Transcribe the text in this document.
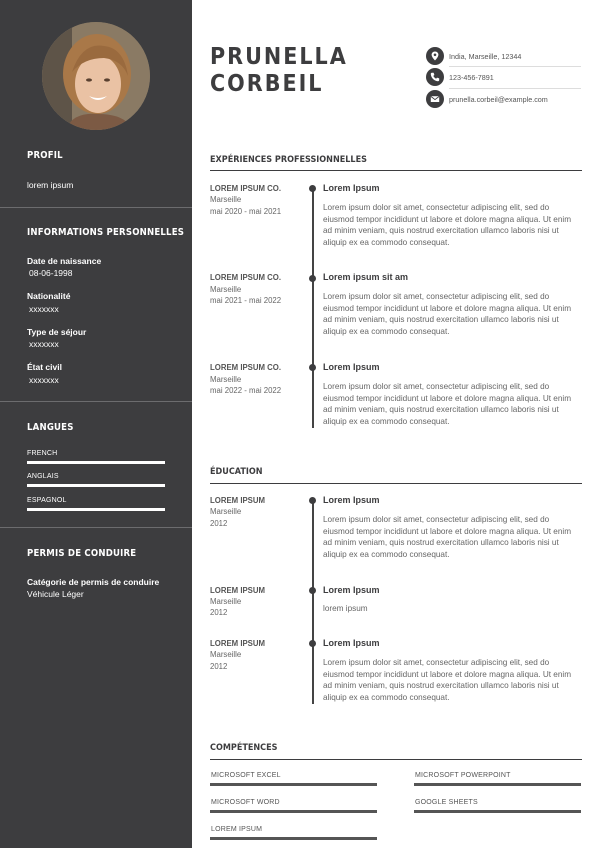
PROFIL
lorem ipsum
INFORMATIONS PERSONNELLES
Date de naissance
08-06-1998
Nationalité
xxxxxxx
Type de séjour
xxxxxxx
État civil
xxxxxxx
LANGUES
FRENCH
ANGLAIS
ESPAGNOL
PERMIS DE CONDUIRE
Catégorie de permis de conduire
Véhicule Léger
PRUNELLA
CORBEIL
India, Marseille, 12344
123-456-7891
prunella.corbeil@example.com
EXPÉRIENCES PROFESSIONNELLES
LOREM IPSUM CO.
Marseille
mai 2020 - mai 2021
Lorem Ipsum
Lorem ipsum dolor sit amet, consectetur adipiscing elit, sed do eiusmod tempor incididunt ut labore et dolore magna aliqua. Ut enim ad minim veniam, quis nostrud exercitation ullamco laboris nisi ut aliquip ex ea commodo consequat.
LOREM IPSUM CO.
Marseille
mai 2021 - mai 2022
Lorem ipsum sit am
Lorem ipsum dolor sit amet, consectetur adipiscing elit, sed do eiusmod tempor incididunt ut labore et dolore magna aliqua. Ut enim ad minim veniam, quis nostrud exercitation ullamco laboris nisi ut aliquip ex ea commodo consequat.
LOREM IPSUM CO.
Marseille
mai 2022 - mai 2022
Lorem Ipsum
Lorem ipsum dolor sit amet, consectetur adipiscing elit, sed do eiusmod tempor incididunt ut labore et dolore magna aliqua. Ut enim ad minim veniam, quis nostrud exercitation ullamco laboris nisi ut aliquip ex ea commodo consequat.
ÉDUCATION
LOREM IPSUM
Marseille
2012
Lorem Ipsum
Lorem ipsum dolor sit amet, consectetur adipiscing elit, sed do eiusmod tempor incididunt ut labore et dolore magna aliqua. Ut enim ad minim veniam, quis nostrud exercitation ullamco laboris nisi ut aliquip ex ea commodo consequat.
LOREM IPSUM
Marseille
2012
Lorem Ipsum
lorem ipsum
LOREM IPSUM
Marseille
2012
Lorem Ipsum
Lorem ipsum dolor sit amet, consectetur adipiscing elit, sed do eiusmod tempor incididunt ut labore et dolore magna aliqua. Ut enim ad minim veniam, quis nostrud exercitation ullamco laboris nisi ut aliquip ex ea commodo consequat.
COMPÉTENCES
MICROSOFT EXCEL	MICROSOFT POWERPOINT
MICROSOFT WORD	GOOGLE SHEETS
LOREM IPSUM
